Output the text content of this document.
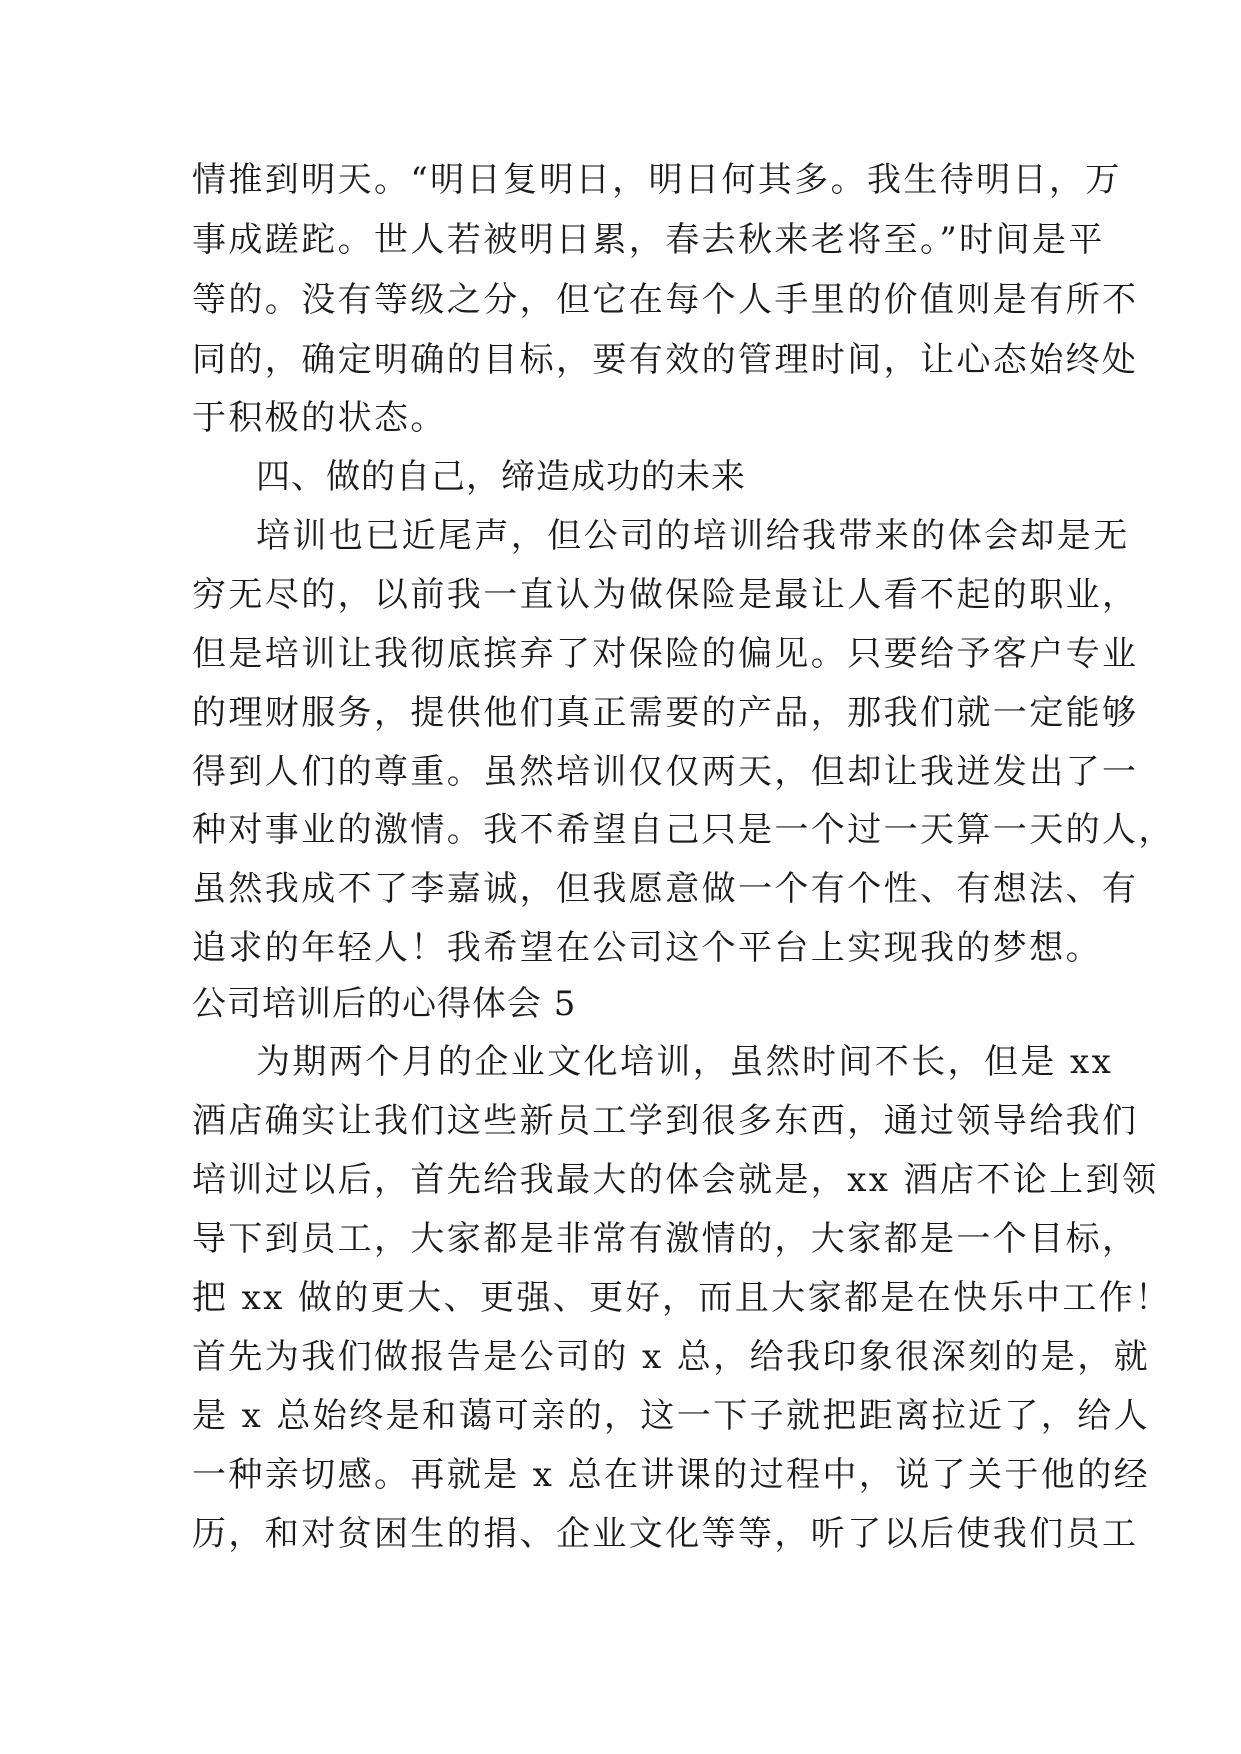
情推到明天。“明日复明日，明日何其多。我生待明日，万
事成蹉跎。世人若被明日累，春去秋来老将至。”时间是平
等的。没有等级之分，但它在每个人手里的价值则是有所不
同的，确定明确的目标，要有效的管理时间，让心态始终处
于积极的状态。
四、做的自己，缔造成功的未来
培训也已近尾声，但公司的培训给我带来的体会却是无
穷无尽的，以前我一直认为做保险是最让人看不起的职业，
但是培训让我彻底摈弃了对保险的偏见。只要给予客户专业
的理财服务，提供他们真正需要的产品，那我们就一定能够
得到人们的尊重。虽然培训仅仅两天，但却让我迸发出了一
种对事业的激情。我不希望自己只是一个过一天算一天的人，
虽然我成不了李嘉诚，但我愿意做一个有个性、有想法、有
追求的年轻人！我希望在公司这个平台上实现我的梦想。
公司培训后的心得体会 5
为期两个月的企业文化培训，虽然时间不长，但是 xx
酒店确实让我们这些新员工学到很多东西，通过领导给我们
培训过以后，首先给我最大的体会就是，xx 酒店不论上到领
导下到员工，大家都是非常有激情的，大家都是一个目标，
把 xx 做的更大、更强、更好，而且大家都是在快乐中工作！
首先为我们做报告是公司的 x 总，给我印象很深刻的是，就
是 x 总始终是和蔼可亲的，这一下子就把距离拉近了，给人
一种亲切感。再就是 x 总在讲课的过程中，说了关于他的经
历，和对贫困生的捐、企业文化等等，听了以后使我们员工
